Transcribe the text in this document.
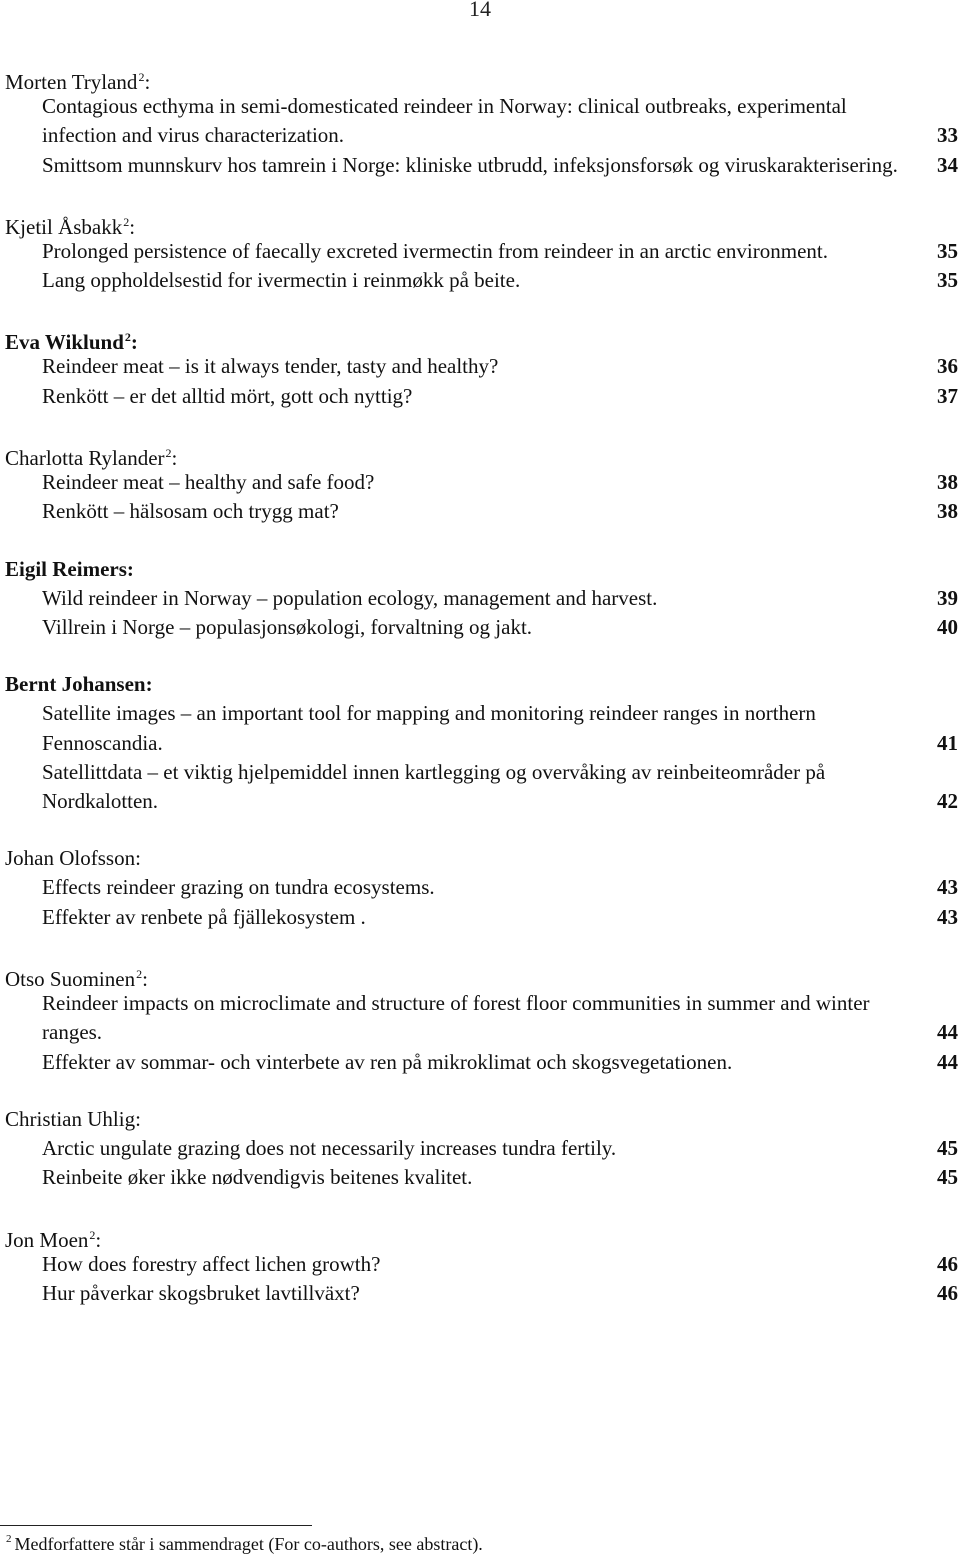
14
Morten Tryland$^2$:
Contagious ecthyma in semi-domesticated reindeer in Norway: clinical outbreaks, experimental infection and virus characterization.	33
Smittsom munnskurv hos tamrein i Norge: kliniske utbrudd, infeksjonsforsøk og viruskarakterisering. 34
Kjetil Åsbakk$^2$:
Prolonged persistence of faecally excreted ivermectin from reindeer in an arctic environment.	35
Lang oppholdelsestid for ivermectin i reinmøkk på beite.	35
Eva Wiklund$^2$:
Reindeer meat – is it always tender, tasty and healthy?	36
Renkött – er det alltid mört, gott och nyttig?	37
Charlotta Rylander$^2$:
Reindeer meat – healthy and safe food?	38
Renkött – hälsosam och trygg mat?	38
Eigil Reimers:
Wild reindeer in Norway – population ecology, management and harvest.	39
Villrein i Norge – populasjonsøkologi, forvaltning og jakt.	40
Bernt Johansen:
Satellite images – an important tool for mapping and monitoring reindeer ranges in northern Fennoscandia.	41
Satellittdata – et viktig hjelpemiddel innen kartlegging og overvåking av reinbeiteområder på Nordkalotten.	42
Johan Olofsson:
Effects reindeer grazing on tundra ecosystems.	43
Effekter av renbete på fjällekosystem .	43
Otso Suominen$^2$:
Reindeer impacts on microclimate and structure of forest floor communities in summer and winter ranges.	44
Effekter av sommar- och vinterbete av ren på mikroklimat och skogsvegetationen.	44
Christian Uhlig:
Arctic ungulate grazing does not necessarily increases tundra fertily.	45
Reinbeite øker ikke nødvendigvis beitenes kvalitet.	45
Jon Moen$^2$:
How does forestry affect lichen growth?	46
Hur påverkar skogsbruket lavtillväxt?	46
$^2$ Medforfattere står i sammendraget (For co-authors, see abstract).
